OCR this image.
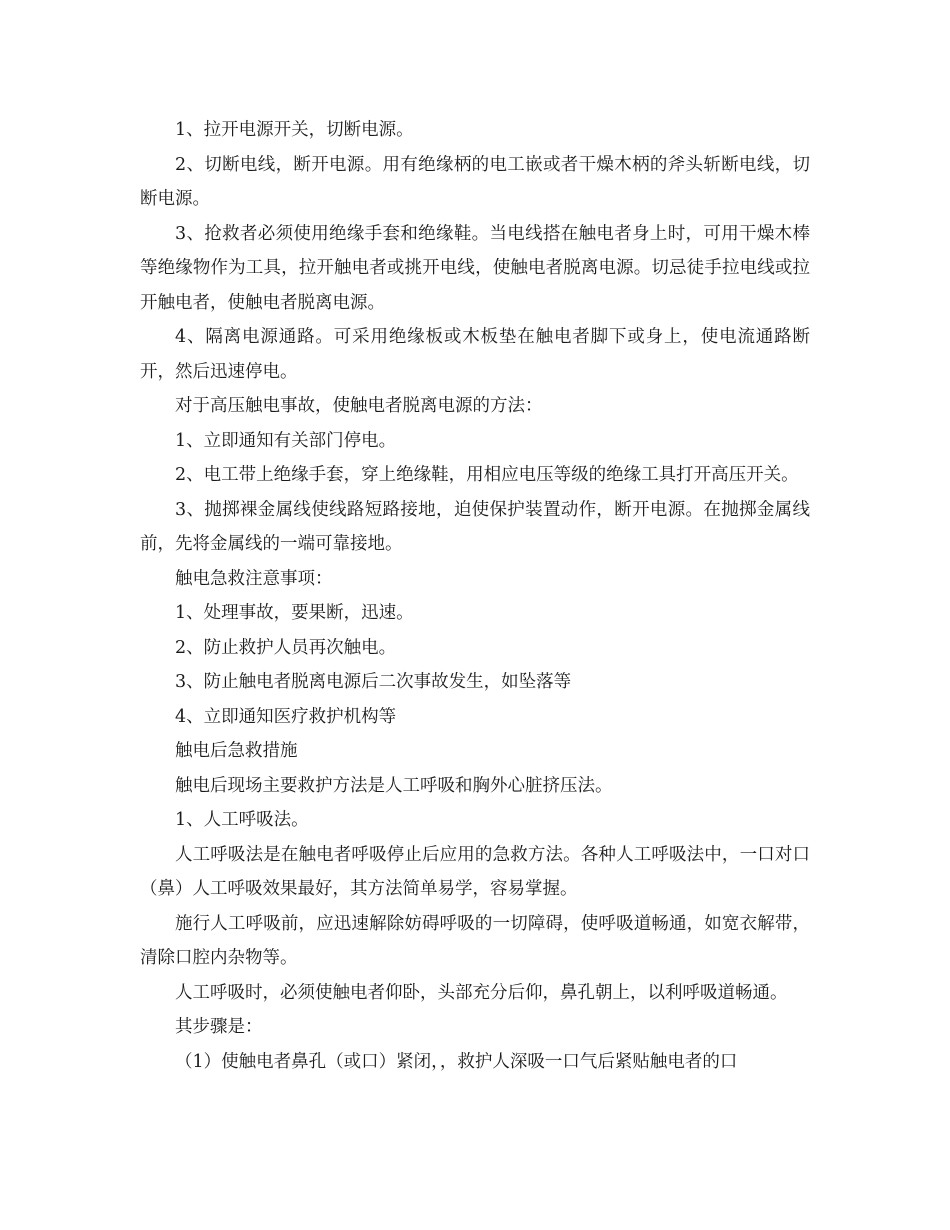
1、拉开电源开关，切断电源。

2、切断电线，断开电源。用有绝缘柄的电工嵌或者干燥木柄的斧头斩断电线，切断电源。

3、抢救者必须使用绝缘手套和绝缘鞋。当电线搭在触电者身上时，可用干燥木棒等绝缘物作为工具，拉开触电者或挑开电线，使触电者脱离电源。切忌徒手拉电线或拉开触电者，使触电者脱离电源。

4、隔离电源通路。可采用绝缘板或木板垫在触电者脚下或身上，使电流通路断开，然后迅速停电。

对于高压触电事故，使触电者脱离电源的方法：

1、立即通知有关部门停电。

2、电工带上绝缘手套，穿上绝缘鞋，用相应电压等级的绝缘工具打开高压开关。

3、抛掷裸金属线使线路短路接地，迫使保护装置动作，断开电源。在抛掷金属线前，先将金属线的一端可靠接地。

触电急救注意事项：

1、处理事故，要果断，迅速。

2、防止救护人员再次触电。

3、防止触电者脱离电源后二次事故发生，如坠落等

4、立即通知医疗救护机构等

触电后急救措施

触电后现场主要救护方法是人工呼吸和胸外心脏挤压法。

1、人工呼吸法。

人工呼吸法是在触电者呼吸停止后应用的急救方法。各种人工呼吸法中，一口对口（鼻）人工呼吸效果最好，其方法简单易学，容易掌握。

施行人工呼吸前，应迅速解除妨碍呼吸的一切障碍，使呼吸道畅通，如宽衣解带，清除口腔内杂物等。

人工呼吸时，必须使触电者仰卧，头部充分后仰，鼻孔朝上，以利呼吸道畅通。

其步骤是：

（1）使触电者鼻孔（或口）紧闭，，救护人深吸一口气后紧贴触电者的口
